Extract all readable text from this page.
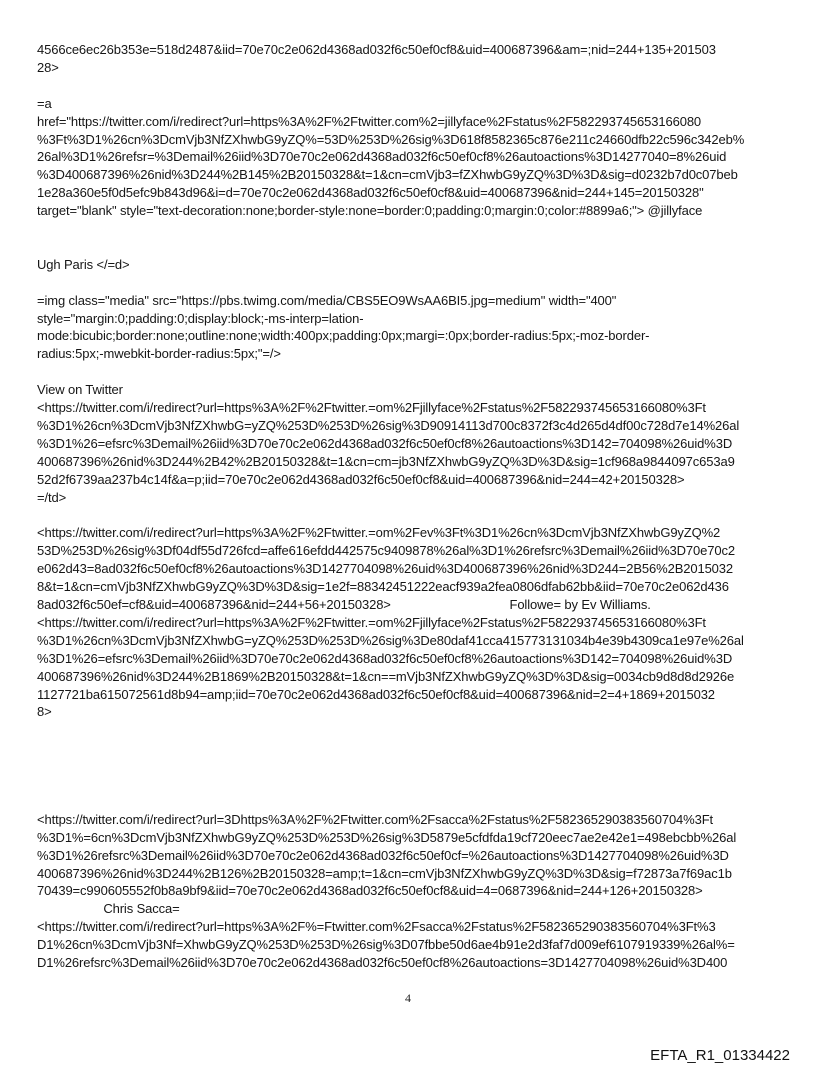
4566ce6ec26b353e=518d2487&iid=70e70c2e062d4368ad032f6c50ef0cf8&uid=400687396&am=;nid=244+135+201503
28>
=a
href="https://twitter.com/i/redirect?url=https%3A%2F%2Ftwitter.com%2=jillyface%2Fstatus%2F582293745653166080
%3Ft%3D1%26cn%3DcmVjb3NfZXhwbG9yZQ%=53D%253D%26sig%3D618f8582365c876e211c24660dfb22c596c342eb%
26al%3D1%26refsr=%3Demail%26iid%3D70e70c2e062d4368ad032f6c50ef0cf8%26autoactions%3D14277040=8%26uid
%3D400687396%26nid%3D244%2B145%2B20150328&t=1&cn=cmVjb3=fZXhwbG9yZQ%3D%3D&sig=d0232b7d0c07beb
1e28a360e5f0d5efc9b843d96&i=d=70e70c2e062d4368ad032f6c50ef0cf8&uid=400687396&nid=244+145=20150328"
target="blank" style="text-decoration:none;border-style:none=border:0;padding:0;margin:0;color:#8899a6;"> @jillyface
Ugh Paris </=d>
=img class="media" src="https://pbs.twimg.com/media/CBS5EO9WsAA6BI5.jpg=medium" width="400"
style="margin:0;padding:0;display:block;-ms-interp=lation-
mode:bicubic;border:none;outline:none;width:400px;padding:0px;margi=:0px;border-radius:5px;-moz-border-
radius:5px;-mwebkit-border-radius:5px;"=/>
View on Twitter
<https://twitter.com/i/redirect?url=https%3A%2F%2Ftwitter.=om%2Fjillyface%2Fstatus%2F582293745653166080%3Ft
%3D1%26cn%3DcmVjb3NfZXhwbG=yZQ%253D%253D%26sig%3D90914113d700c8372f3c4d265d4df00c728d7e14%26al
%3D1%26=efsrc%3Demail%26iid%3D70e70c2e062d4368ad032f6c50ef0cf8%26autoactions%3D142=704098%26uid%3D
400687396%26nid%3D244%2B42%2B20150328&t=1&cn=cm=jb3NfZXhwbG9yZQ%3D%3D&sig=1cf968a9844097c653a9
52d2f6739aa237b4c14f&a=p;iid=70e70c2e062d4368ad032f6c50ef0cf8&uid=400687396&nid=244=42+20150328>
=/td>
<https://twitter.com/i/redirect?url=https%3A%2F%2Ftwitter.=om%2Fev%3Ft%3D1%26cn%3DcmVjb3NfZXhwbG9yZQ%2
53D%253D%26sig%3Df04df55d726fcd=affe616efdd442575c9409878%26al%3D1%26refsrc%3Demail%26iid%3D70e70c2
e062d43=8ad032f6c50ef0cf8%26autoactions%3D1427704098%26uid%3D400687396%26nid%3D244=2B56%2B2015032
8&t=1&cn=cmVjb3NfZXhwbG9yZQ%3D%3D&sig=1e2f=88342451222eacf939a2fea0806dfab62bb&iid=70e70c2e062d436
8ad032f6c50ef=cf8&uid=400687396&nid=244+56+20150328>                                  Followe= by Ev Williams.
<https://twitter.com/i/redirect?url=https%3A%2F%2Ftwitter.=om%2Fjillyface%2Fstatus%2F582293745653166080%3Ft
%3D1%26cn%3DcmVjb3NfZXhwbG=yZQ%253D%253D%26sig%3De80daf41cca415773131034b4e39b4309ca1e97e%26al
%3D1%26=efsrc%3Demail%26iid%3D70e70c2e062d4368ad032f6c50ef0cf8%26autoactions%3D142=704098%26uid%3D
400687396%26nid%3D244%2B1869%2B20150328&t=1&cn==mVjb3NfZXhwbG9yZQ%3D%3D&sig=0034cb9d8d8d2926e
1127721ba615072561d8b94=amp;iid=70e70c2e062d4368ad032f6c50ef0cf8&uid=400687396&nid=2=4+1869+2015032
8>
<https://twitter.com/i/redirect?url=3Dhttps%3A%2F%2Ftwitter.com%2Fsacca%2Fstatus%2F582365290383560704%3Ft
%3D1%=6cn%3DcmVjb3NfZXhwbG9yZQ%253D%253D%26sig%3D5879e5cfdfda19cf720eec7ae2e42e1=498ebcbb%26al
%3D1%26refsrc%3Demail%26iid%3D70e70c2e062d4368ad032f6c50ef0cf=%26autoactions%3D1427704098%26uid%3D
400687396%26nid%3D244%2B126%2B20150328=amp;t=1&cn=cmVjb3NfZXhwbG9yZQ%3D%3D&sig=f72873a7f69ac1b
70439=c990605552f0b8a9bf9&iid=70e70c2e062d4368ad032f6c50ef0cf8&uid=4=0687396&nid=244+126+20150328>
Chris Sacca=
<https://twitter.com/i/redirect?url=https%3A%2F%=Ftwitter.com%2Fsacca%2Fstatus%2F582365290383560704%3Ft%3
D1%26cn%3DcmVjb3Nf=XhwbG9yZQ%253D%253D%26sig%3D07fbbe50d6ae4b91e2d3faf7d009ef6107919339%26al%=
D1%26refsrc%3Demail%26iid%3D70e70c2e062d4368ad032f6c50ef0cf8%26autoactions=3D1427704098%26uid%3D400
4
EFTA_R1_01334422
